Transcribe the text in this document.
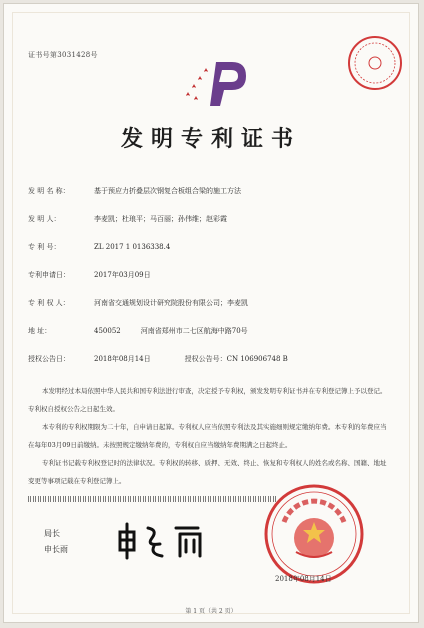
证书号第3031428号
发明专利证书
发 明 名 称：	基于预应力折叠层次钢复合板组合梁的施工方法
发 明 人：	李麦凯；杜琅平；马百丽；孙伟维；赵彩霞
专 利 号：	ZL 2017 1 0136338.4
专利申请日：	2017年03月09日
专 利 权 人：	河南省交通规划设计研究院股份有限公司；李麦凯
地 址：	450052	河南省郑州市二七区航海中路70号
授权公告日：	2018年08月14日	授权公告号：CN 106906748 B

本发明经过本局依照中华人民共和国专利法进行审查，决定授予专利权，颁发发明专利证书并在专利登记簿上予以登记。专利权自授权公告之日起生效。

本专利的专利权期限为二十年，自申请日起算。专利权人应当依照专利法及其实施细则规定缴纳年费。本专利的年费应当在每年03月09日前缴纳。未按照规定缴纳年费的，专利权自应当缴纳年费期满之日起终止。

专利证书记载专利权登记时的法律状况。专利权的转移、质押、无效、终止、恢复和专利权人的姓名或名称、国籍、地址变更等事项记载在专利登记簿上。

局长
申长雨
2018年08月14日
第 1 页（共 2 页）
